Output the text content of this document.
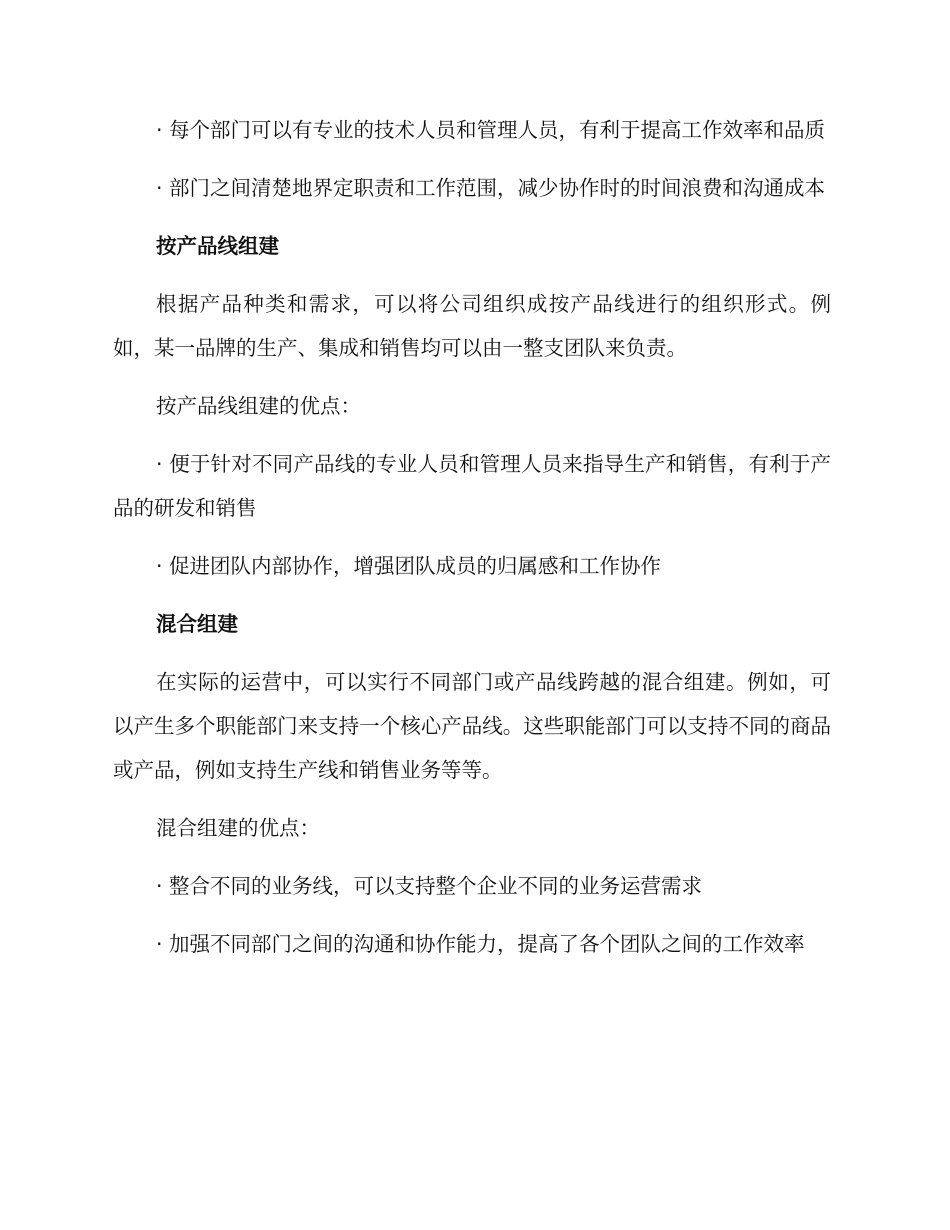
· 每个部门可以有专业的技术人员和管理人员，有利于提高工作效率和品质

· 部门之间清楚地界定职责和工作范围，减少协作时的时间浪费和沟通成本

按产品线组建

根据产品种类和需求，可以将公司组织成按产品线进行的组织形式。例如，某一品牌的生产、集成和销售均可以由一整支团队来负责。

按产品线组建的优点：

· 便于针对不同产品线的专业人员和管理人员来指导生产和销售，有利于产品的研发和销售

· 促进团队内部协作，增强团队成员的归属感和工作协作

混合组建

在实际的运营中，可以实行不同部门或产品线跨越的混合组建。例如，可以产生多个职能部门来支持一个核心产品线。这些职能部门可以支持不同的商品或产品，例如支持生产线和销售业务等等。

混合组建的优点：

· 整合不同的业务线，可以支持整个企业不同的业务运营需求

· 加强不同部门之间的沟通和协作能力，提高了各个团队之间的工作效率
